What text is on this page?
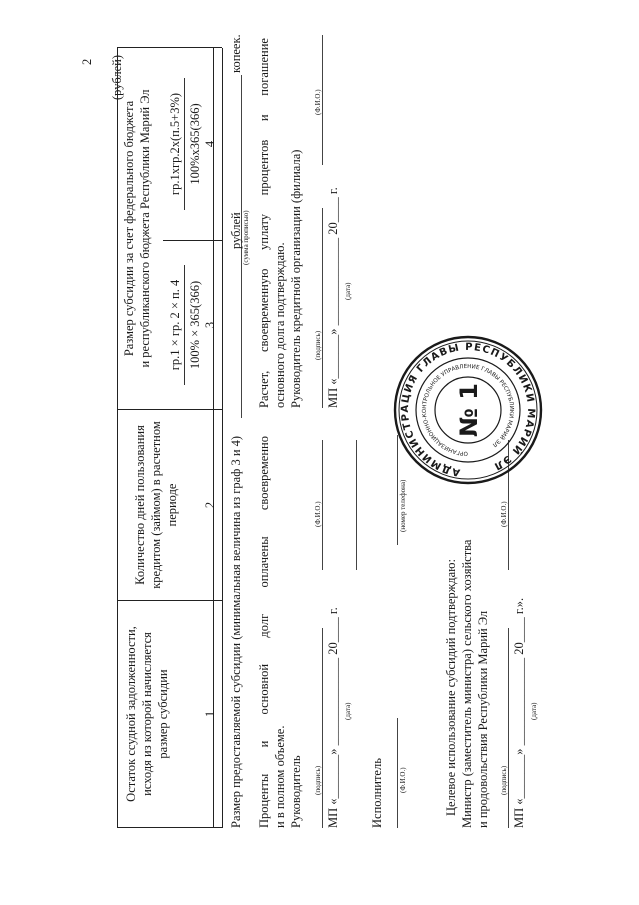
2 (рублей)
Остаток ссудной задолженности, исходя из которой начисляется размер субсидии
Количество дней пользования кредитом (займом) в расчетном периоде
Размер субсидии за счет федерального бюджета и республиканского бюджета Республики Марий Эл гр.1 × гр. 2 × п. 4 100% × 365(366)
гр.1хгр.2х(п.5+3%) 100%х365(366)
1
2
3
4
Размер предоставляемой субсидии (минимальная величина из граф 3 и 4)
рублей
копеек.
(сумма прописью)
Проценты и основной долг оплачены своевременно и в полном объеме. Руководитель (подпись)
(Ф.И.О.)
МП «_______» ______________ 20____ г. (дата)
Исполнитель (Ф.И.О.)
(номер телефона)
Расчет, своевременную уплату процентов и погашение основного долга подтверждаю. Руководитель кредитной организации (филиала) (подпись)
(Ф.И.О.)
МП «_______» ______________ 20____ г. (дата)
Целевое использование субсидий подтверждаю: Министр (заместитель министра) сельского хозяйства и продовольствия Республики Марий Эл (подпись)
(Ф.И.О.)
МП «_______» ______________ 20____ г.». (дата)
АДМИНИСТРАЦИЯ ГЛАВЫ РЕСПУБЛИКИ МАРИЙ ЭЛ
ОРГАНИЗАЦИОННО-КОНТРОЛЬНОЕ УПРАВЛЕНИЕ ГЛАВЫ РЕСПУБЛИКИ МАРИЙ ЭЛ
№ 1
